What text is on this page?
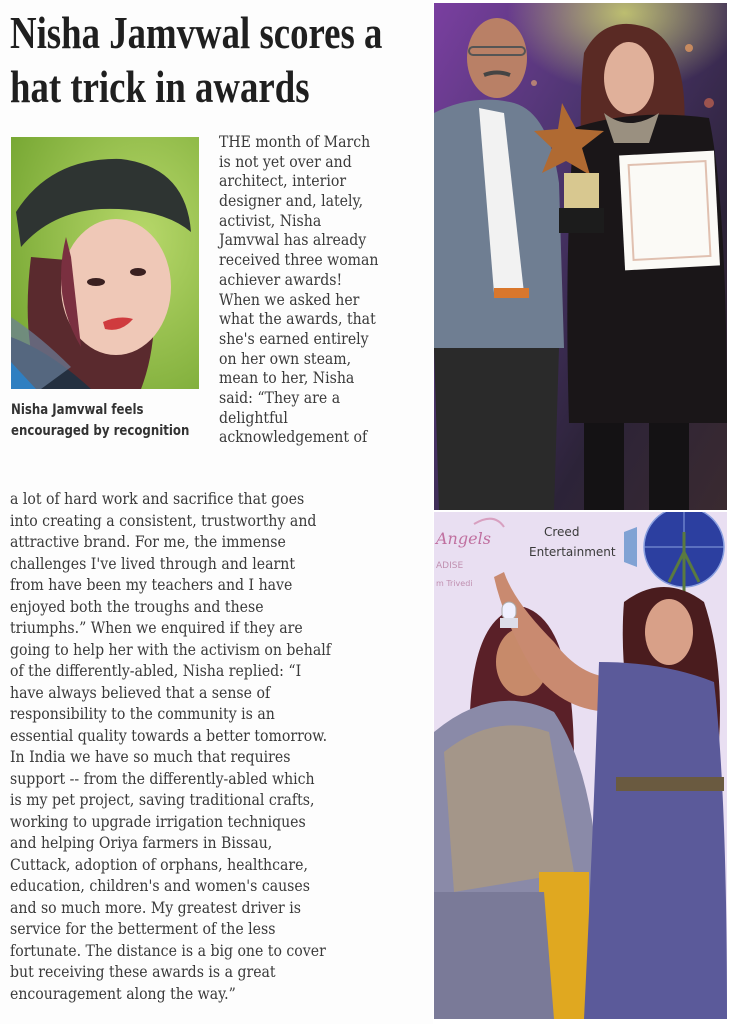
Nisha Jamvwal scores a
hat trick in awards
Nisha Jamvwal feels encouraged by recognition
THE month of March
is not yet over and
architect, interior
designer and, lately,
activist, Nisha
Jamvwal has already
received three woman
achiever awards!
When we asked her
what the awards, that
she's earned entirely
on her own steam,
mean to her, Nisha
said: “They are a
delightful
acknowledgement of
a lot of hard work and sacrifice that goes
into creating a consistent, trustworthy and
attractive brand. For me, the immense
challenges I've lived through and learnt
from have been my teachers and I have
enjoyed both the troughs and these
triumphs.” When we enquired if they are
going to help her with the activism on behalf
of the differently-abled, Nisha replied: “I
have always believed that a sense of
responsibility to the community is an
essential quality towards a better tomorrow.
In India we have so much that requires
support -- from the differently-abled which
is my pet project, saving traditional crafts,
working to upgrade irrigation techniques
and helping Oriya farmers in Bissau,
Cuttack, adoption of orphans, healthcare,
education, children's and women's causes
and so much more. My greatest driver is
service for the betterment of the less
fortunate. The distance is a big one to cover
but receiving these awards is a great
encouragement along the way.”
Creed
Entertainment
Angels
ADISE
m Trivedi
